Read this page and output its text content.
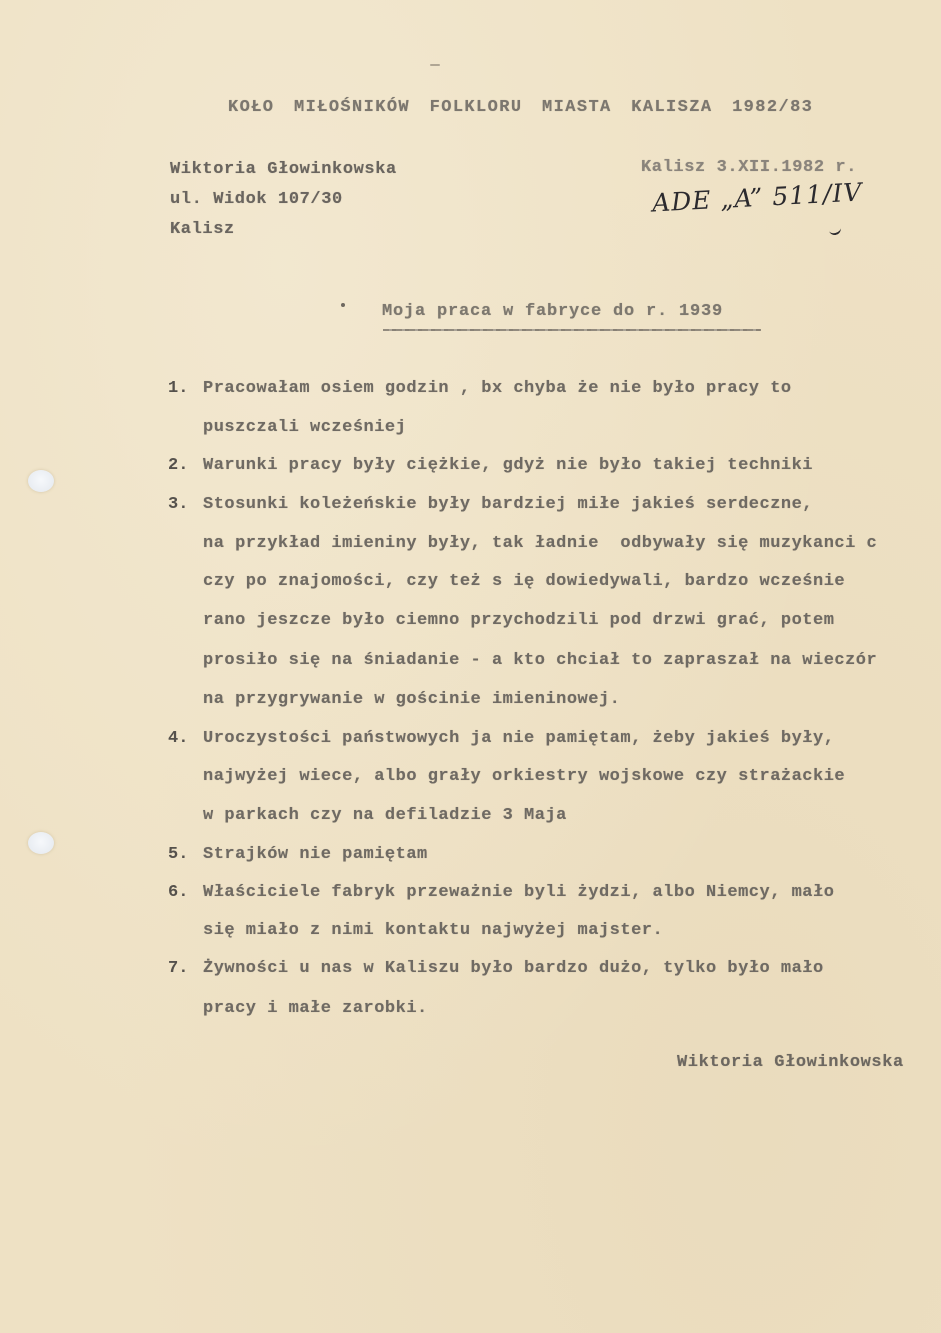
KOŁO MIŁOŚNIKÓW FOLKLORU MIASTA KALISZA 1982/83
Wiktoria Głowinkowska
ul. Widok 107/30
Kalisz
Kalisz 3.XII.1982 r.
ADE „A” 511/IV
Moja praca w fabryce do r. 1939
1. Pracowałam osiem godzin , bx chyba że nie było pracy to
puszczali wcześniej
2. Warunki pracy były ciężkie, gdyż nie było takiej techniki
3. Stosunki koleżeńskie były bardziej miłe jakieś serdeczne,
na przykład imieniny były, tak ładnie  odbywały się muzykanci c
czy po znajomości, czy też s ię dowiedywali, bardzo wcześnie
rano jeszcze było ciemno przychodzili pod drzwi grać, potem
prosiło się na śniadanie - a kto chciał to zapraszał na wieczór
na przygrywanie w gościnie imieninowej.
4. Uroczystości państwowych ja nie pamiętam, żeby jakieś były,
najwyżej wiece, albo grały orkiestry wojskowe czy strażackie
w parkach czy na defiladzie 3 Maja
5. Strajków nie pamiętam
6. Właściciele fabryk przeważnie byli żydzi, albo Niemcy, mało
się miało z nimi kontaktu najwyżej majster.
7. Żywności u nas w Kaliszu było bardzo dużo, tylko było mało
pracy i małe zarobki.
Wiktoria Głowinkowska
